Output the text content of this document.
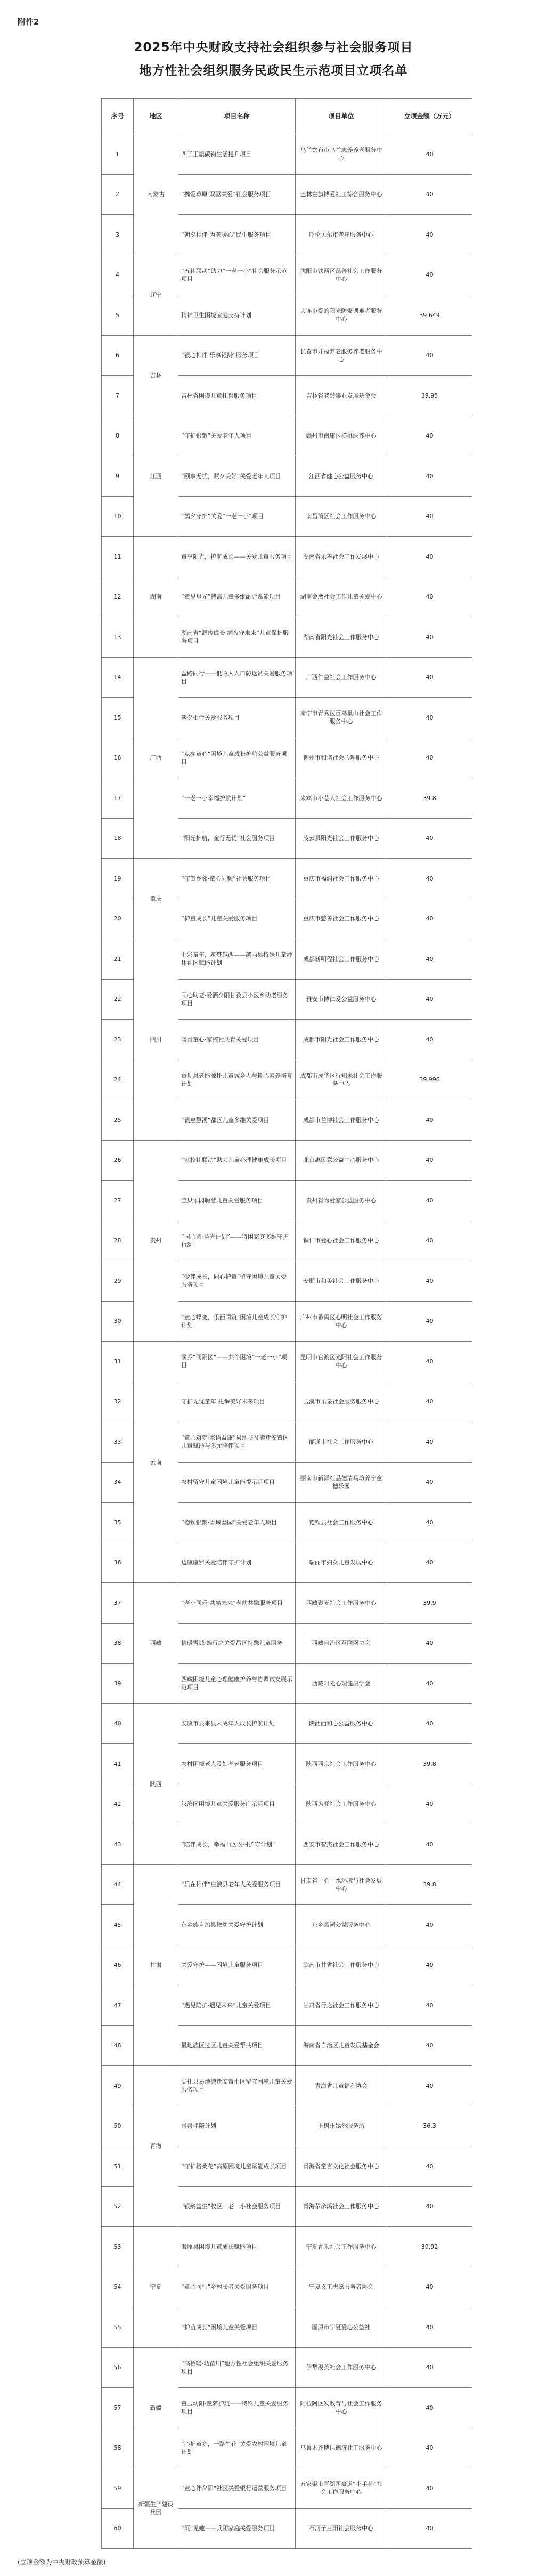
附件2
2025年中央财政支持社会组织参与社会服务项目
地方性社会组织服务民政民生示范项目立项名单
序号	地区	项目名称	项目单位	立项金额（万元）
1	内蒙古	四子王旗碳钩生活提升项目	乌兰察布市乌兰志养养老服务中心	40
2		“携爱草原 双驱关爱”社会服务项目	巴林左旗博爱社工综合服务中心	40
3		“朝夕相伴 为老暖心”民生服务项目	呼伦贝尔市老年服务中心	40
4	辽宁	“五社联动”助力“一老一小”社会服务示范项目	沈阳市铁西区慈善社会工作服务中心	40
5		精神卫生困境家庭支持计划	大连市爱的阳光防爆遇难者服务中心	39.649
6	吉林	“银心相伴 乐享银龄”服务项目	长春市开福养老服务养老服务中心	40
7		吉林省困境儿童托育服务项目	吉林省老龄事业发展基金会	39.95
8	江西	“守护银龄”关爱老年人项目	赣州市南康区横桃医养中心	40
9		“颐享无忧，赋夕美好”关爱老年人项目	江西省健心公益服务中心	40
10		“鹤夕守护”关爱“一老一小”项目	南昌湾区社会工作服务中心	40
11	湖南	童享阳光，护航成长——关爱儿童服务项目	湖南省乐善社会工作发展中心	40
12		“童见星光”特需儿童多维融合赋能项目	湖南金鹰社会工作儿童关爱中心	40
13		湖南省“源俊成长·润夜守未来”儿童保护服务项目	湖南省阳光社会工作服务中心	40
14	广西	益路同行——低收入人口防返贫关爱服务项目	广西仁益社会工作服务中心	40
15		鹤夕相伴关爱服务项目	南宁市青秀区百鸟巢山社会工作服务中心	40
16		“点亮童心”困境儿童成长护航公益服务项目	柳州市和谐社会心理服务中心	40
17		“一老一小幸福护航计划”	来宾市小巷人社会工作服务中心	39.8
18		“阳光护航，童行无忧”社会服务项目	凌云县阳光社会工作服务中心	40
19	重庆	“守望乡邻·童心同频”社会服务项目	重庆市福润社会工作服务中心	40
20		“护童成长”儿童关爱服务项目	重庆市慈善社会工作服务中心	40
21	四川	七彩童年，筑梦越西——越西县特殊儿童群体社区赋能计划	成都新明程社会工作服务中心	40
22		同心助老·爱洒夕阳甘孜县小区乡助老服务项目	雅安市博仁爱公益服务中心	40
23		暖青童心·家校社共育关爱项目	成都市阳光社会工作服务中心	40
24		贡坝县老能源托儿童城乡人与耗心素养培育计划	成都市成华区行知未社会工作服务中心	39.996
25		“银惠慧溪”都区儿童多维关爱项目	成都市益博社会工作服务中心	40
26	贵州	“家校社联动”助力儿童心理健康成长项目	北京惠民意公益中心服务中心	40
27		宝贝乐园聪慧儿童关爱服务项目	贵州省为爱家公益服务中心	40
28		“同心圆·益光计划”——特困家庭多维守护行动	铜仁市爱心社会工作服务中心	40
29		“爱伴成长，同心护童”留守困境儿童关爱服务项目	安顺市和美社会工作服务中心	40
30		“童心蝶变，乐西同筑”困境儿童成长守护计划	广州市番禺区心明社会工作服务中心	40
31	云南	润乔“同阳区”——共伴困境“一老一小”项目	昆明市官渡区光阳社会工作服务中心	40
32		守护无忧童年 托举美好未来项目	玉溪市乐泉社会服务服务中心	40
33		“童心筑梦·家语益康”易地扶贫搬迁安置区儿童赋能与多元陪伴项目	丽通市社会工作服务中心	40
34		农村留守儿童困境儿童能提示范项目	丽南市新鲜红品德清马坊养宁童德乐园	40
35		“德钦银龄·雪域幽园”关爱老年人项目	德钦县社会工作服务中心	40
36		迈康康罗关爱陪伴守护计划	瑞丽市妇女儿童发展中心	40
37	西藏	“老小同乐·共赢未来”老幼共融服务项目	西藏聚光社会工作服务中心	39.9
38		情暖雪域·蝶行之关爱昌区特殊儿童服务	西藏自治区互联网协会	40
39		西藏困境儿童心理健康护养与协调试发展示范项目	西藏阳光心理健康学会	40
40	陕西	安康市县来县未成年人成长护航计划	陕西西和心公益服务中心	40
41		农村困境老人及妇孝老服务项目	陕西西京社会工作服务中心	39.8
42		汉滨区困境儿童关爱服务广示范项目	陕西为亚社会工作服务中心	40
43		“陪伴成长，幸福山区农村护守计划”	西安市智杰社会工作服务中心	40
44	甘肃	“乐在相伴”庄浪县老年人关爱服务项目	甘肃省一心一水环境与社会发展中心	39.8
45		东乡族自治县微幼关爱守护计划	东乡县潮公益服务中心	40
46		关爱守护——困境儿童服务项目	陇南市甘省社会工作服务中心	40
47		“遇见陪护·遇见未来”儿童关爱项目	甘肃省行之社会工作服务中心	40
48		最地族区过区儿童关爱帮扶项目	海南省自治区儿童发展基金会	40
49	青海	尖扎县易地搬迁安置小区留守困境儿童关爱服务项目	青海省儿童福利协会	40
50		青善伴陪计划	玉树州嫣然服务所	36.3
51		“守护格桑花”高原困境儿童赋能成长项目	青海省童言文化社会服务中心	40
52		“银龄益生”牧区一老一小社会服务项目	青海尕彦溪社会工作服务中心	40
53	宁夏	海原县困境儿童成长赋能项目	宁夏青禾社会工作服务中心	39.92
54		“童心同行”乡村长者关爱服务项目	宁夏义工志愿服务者协会	40
55		“护苗成长”困境儿童关爱项目	固原市宁夏爱心公益社	40
56	新疆	“高桥暖·幼苗川”地方性社会组织关爱服务项目	伊犁聚英社会工作服务中心	40
57		童玉幼阳·童梦护航——特殊儿童关爱服务项目	阿拉阿区发教育与社会工作服务中心	40
58		“心护童梦，一路生花”关爱农村困境儿童计划	乌鲁木齐博识德济社工服务中心	40
59	新疆生产建设兵团	“童心伴夕阳”社区关爱银行运营服务项目	五家渠市青湖图豪道“小手花”社会工作服务中心	40
60		“沉”见她——兵团家庭关爱服务项目	石河子三阳社会服务中心	40
(立项金额为中央财政预算金额)
